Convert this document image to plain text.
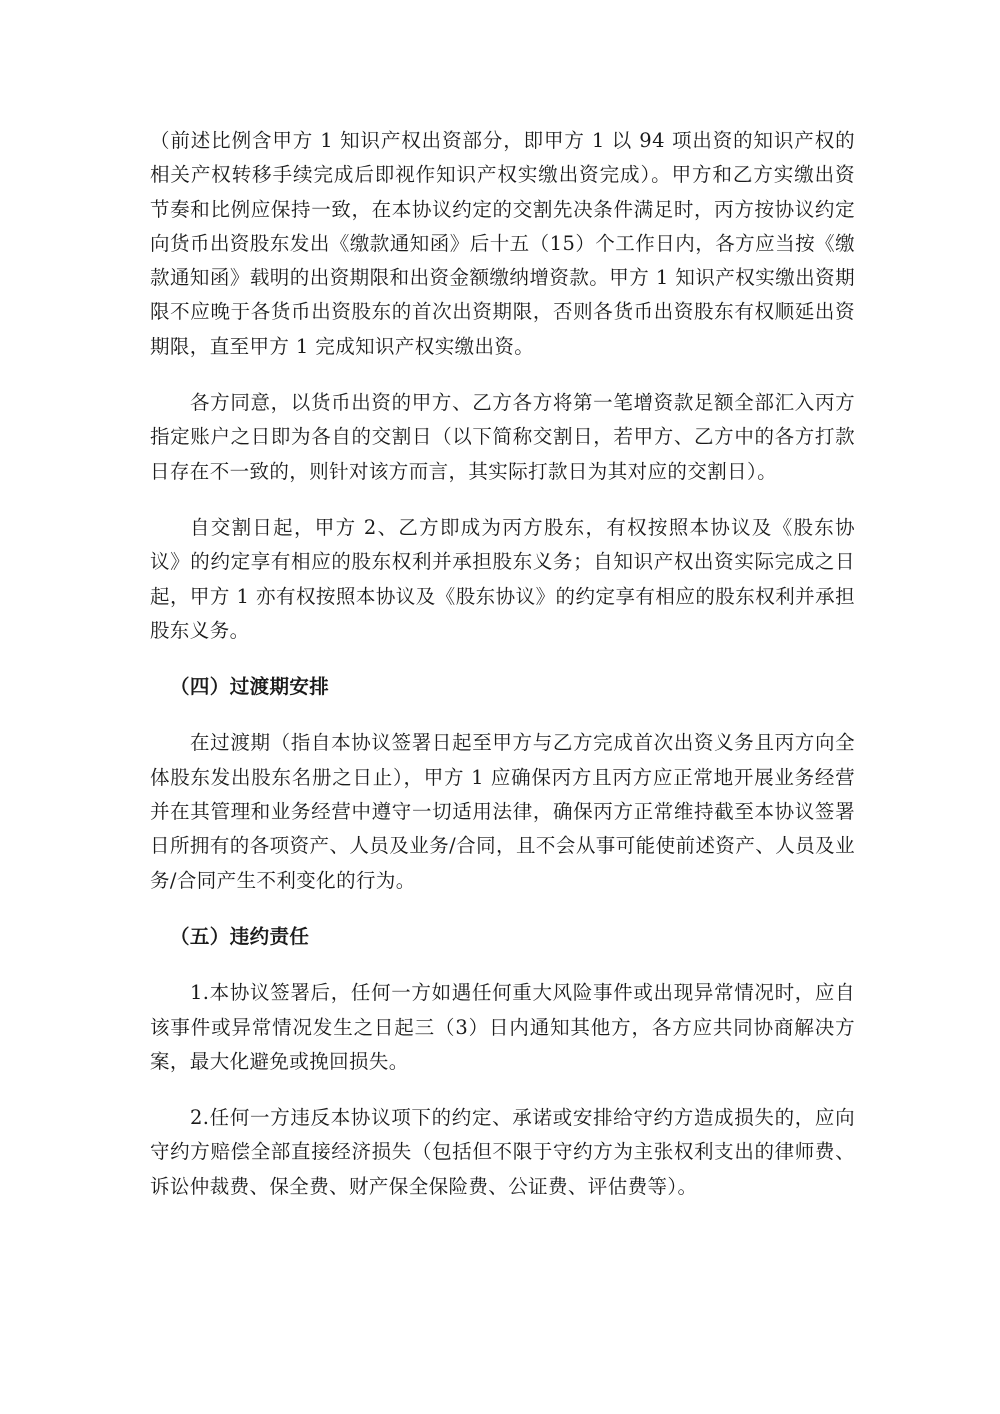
（前述比例含甲方 1 知识产权出资部分，即甲方 1 以 94 项出资的知识产权的相关产权转移手续完成后即视作知识产权实缴出资完成）。甲方和乙方实缴出资节奏和比例应保持一致，在本协议约定的交割先决条件满足时，丙方按协议约定向货币出资股东发出《缴款通知函》后十五（15）个工作日内，各方应当按《缴款通知函》载明的出资期限和出资金额缴纳增资款。甲方 1 知识产权实缴出资期限不应晚于各货币出资股东的首次出资期限，否则各货币出资股东有权顺延出资期限，直至甲方 1 完成知识产权实缴出资。

各方同意，以货币出资的甲方、乙方各方将第一笔增资款足额全部汇入丙方指定账户之日即为各自的交割日（以下简称交割日，若甲方、乙方中的各方打款日存在不一致的，则针对该方而言，其实际打款日为其对应的交割日）。

自交割日起，甲方 2、乙方即成为丙方股东，有权按照本协议及《股东协议》的约定享有相应的股东权利并承担股东义务；自知识产权出资实际完成之日起，甲方 1 亦有权按照本协议及《股东协议》的约定享有相应的股东权利并承担股东义务。

（四）过渡期安排

在过渡期（指自本协议签署日起至甲方与乙方完成首次出资义务且丙方向全体股东发出股东名册之日止），甲方 1 应确保丙方且丙方应正常地开展业务经营并在其管理和业务经营中遵守一切适用法律，确保丙方正常维持截至本协议签署日所拥有的各项资产、人员及业务/合同，且不会从事可能使前述资产、人员及业务/合同产生不利变化的行为。

（五）违约责任

1.本协议签署后，任何一方如遇任何重大风险事件或出现异常情况时，应自该事件或异常情况发生之日起三（3）日内通知其他方，各方应共同协商解决方案，最大化避免或挽回损失。

2.任何一方违反本协议项下的约定、承诺或安排给守约方造成损失的，应向守约方赔偿全部直接经济损失（包括但不限于守约方为主张权利支出的律师费、诉讼仲裁费、保全费、财产保全保险费、公证费、评估费等）。
